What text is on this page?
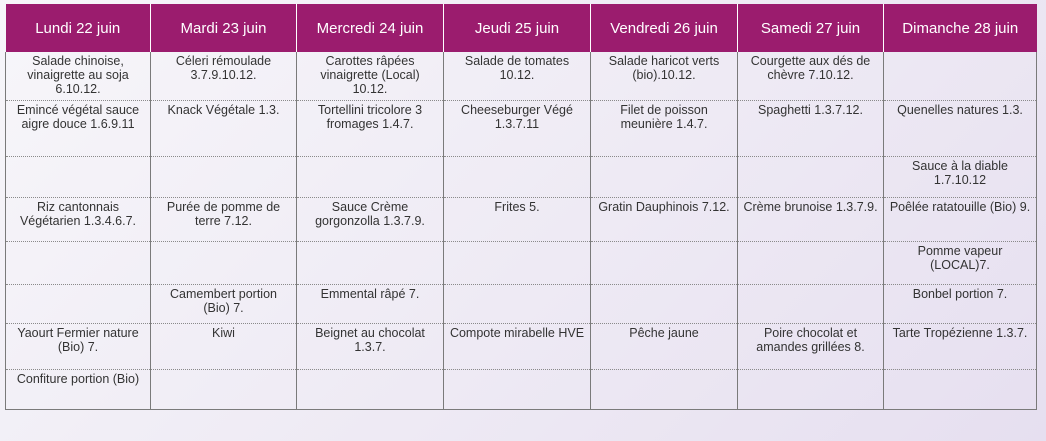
Lundi 22 juin	Mardi 23 juin	Mercredi 24 juin	Jeudi 25 juin	Vendredi 26 juin	Samedi 27 juin	Dimanche 28 juin
Salade chinoise, vinaigrette au soja 6.10.12.	Céleri rémoulade 3.7.9.10.12.	Carottes râpées vinaigrette (Local) 10.12.	Salade de tomates 10.12.	Salade haricot verts (bio).10.12.	Courgette aux dés de chèvre 7.10.12.	
Emincé végétal sauce aigre douce 1.6.9.11	Knack Végétale 1.3.	Tortellini tricolore 3 fromages 1.4.7.	Cheeseburger Végé 1.3.7.11	Filet de poisson meunière 1.4.7.	Spaghetti 1.3.7.12.	Quenelles natures 1.3.
						Sauce à la diable 1.7.10.12
Riz cantonnais Végétarien 1.3.4.6.7.	Purée de pomme de terre 7.12.	Sauce Crème gorgonzolla 1.3.7.9.	Frites 5.	Gratin Dauphinois 7.12.	Crème brunoise 1.3.7.9.	Poêlée ratatouille (Bio) 9.
						Pomme vapeur (LOCAL)7.
	Camembert portion (Bio) 7.	Emmental râpé 7.				Bonbel portion 7.
Yaourt Fermier nature (Bio) 7.	Kiwi	Beignet au chocolat 1.3.7.	Compote mirabelle HVE	Pêche jaune	Poire chocolat et amandes grillées 8.	Tarte Tropézienne 1.3.7.
Confiture portion (Bio)						
